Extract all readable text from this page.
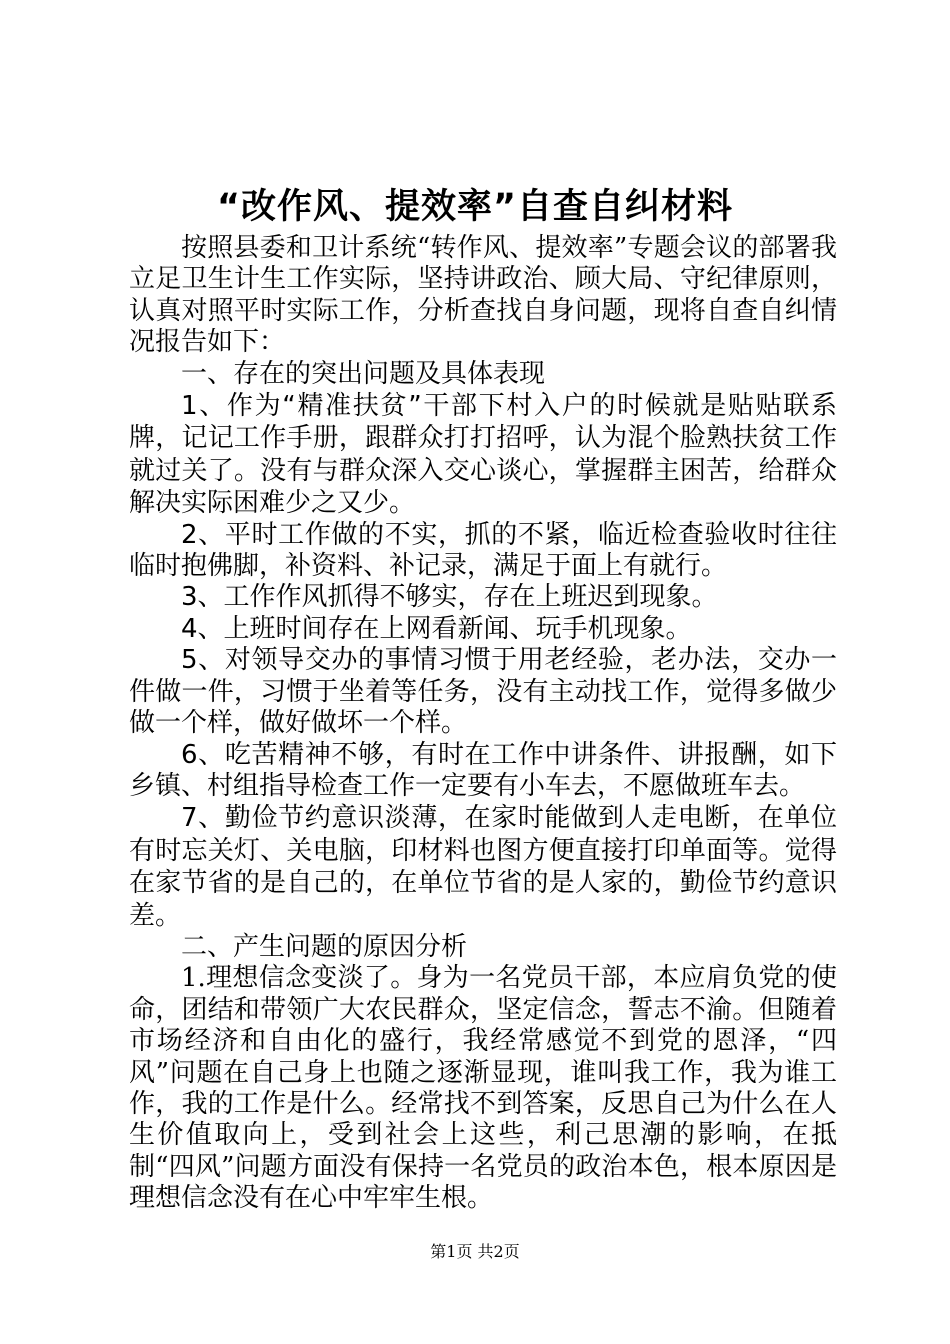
“改作风、提效率”自查自纠材料

按照县委和卫计系统“转作风、提效率”专题会议的部署我立足卫生计生工作实际，坚持讲政治、顾大局、守纪律原则，认真对照平时实际工作，分析查找自身问题，现将自查自纠情况报告如下：

一、存在的突出问题及具体表现

1、作为“精准扶贫”干部下村入户的时候就是贴贴联系牌，记记工作手册，跟群众打打招呼，认为混个脸熟扶贫工作就过关了。没有与群众深入交心谈心，掌握群主困苦，给群众解决实际困难少之又少。

2、平时工作做的不实，抓的不紧，临近检查验收时往往临时抱佛脚，补资料、补记录，满足于面上有就行。

3、工作作风抓得不够实，存在上班迟到现象。

4、上班时间存在上网看新闻、玩手机现象。

5、对领导交办的事情习惯于用老经验，老办法，交办一件做一件，习惯于坐着等任务，没有主动找工作，觉得多做少做一个样，做好做坏一个样。

6、吃苦精神不够，有时在工作中讲条件、讲报酬，如下乡镇、村组指导检查工作一定要有小车去，不愿做班车去。

7、勤俭节约意识淡薄，在家时能做到人走电断，在单位有时忘关灯、关电脑，印材料也图方便直接打印单面等。觉得在家节省的是自己的，在单位节省的是人家的，勤俭节约意识差。

二、产生问题的原因分析

1.理想信念变淡了。身为一名党员干部，本应肩负党的使命，团结和带领广大农民群众，坚定信念，誓志不渝。但随着市场经济和自由化的盛行，我经常感觉不到党的恩泽，“四风”问题在自己身上也随之逐渐显现，谁叫我工作，我为谁工作，我的工作是什么。经常找不到答案，反思自己为什么在人生价值取向上，受到社会上这些，利己思潮的影响，在抵制“四风”问题方面没有保持一名党员的政治本色，根本原因是理想信念没有在心中牢牢生根。

第1页 共2页
